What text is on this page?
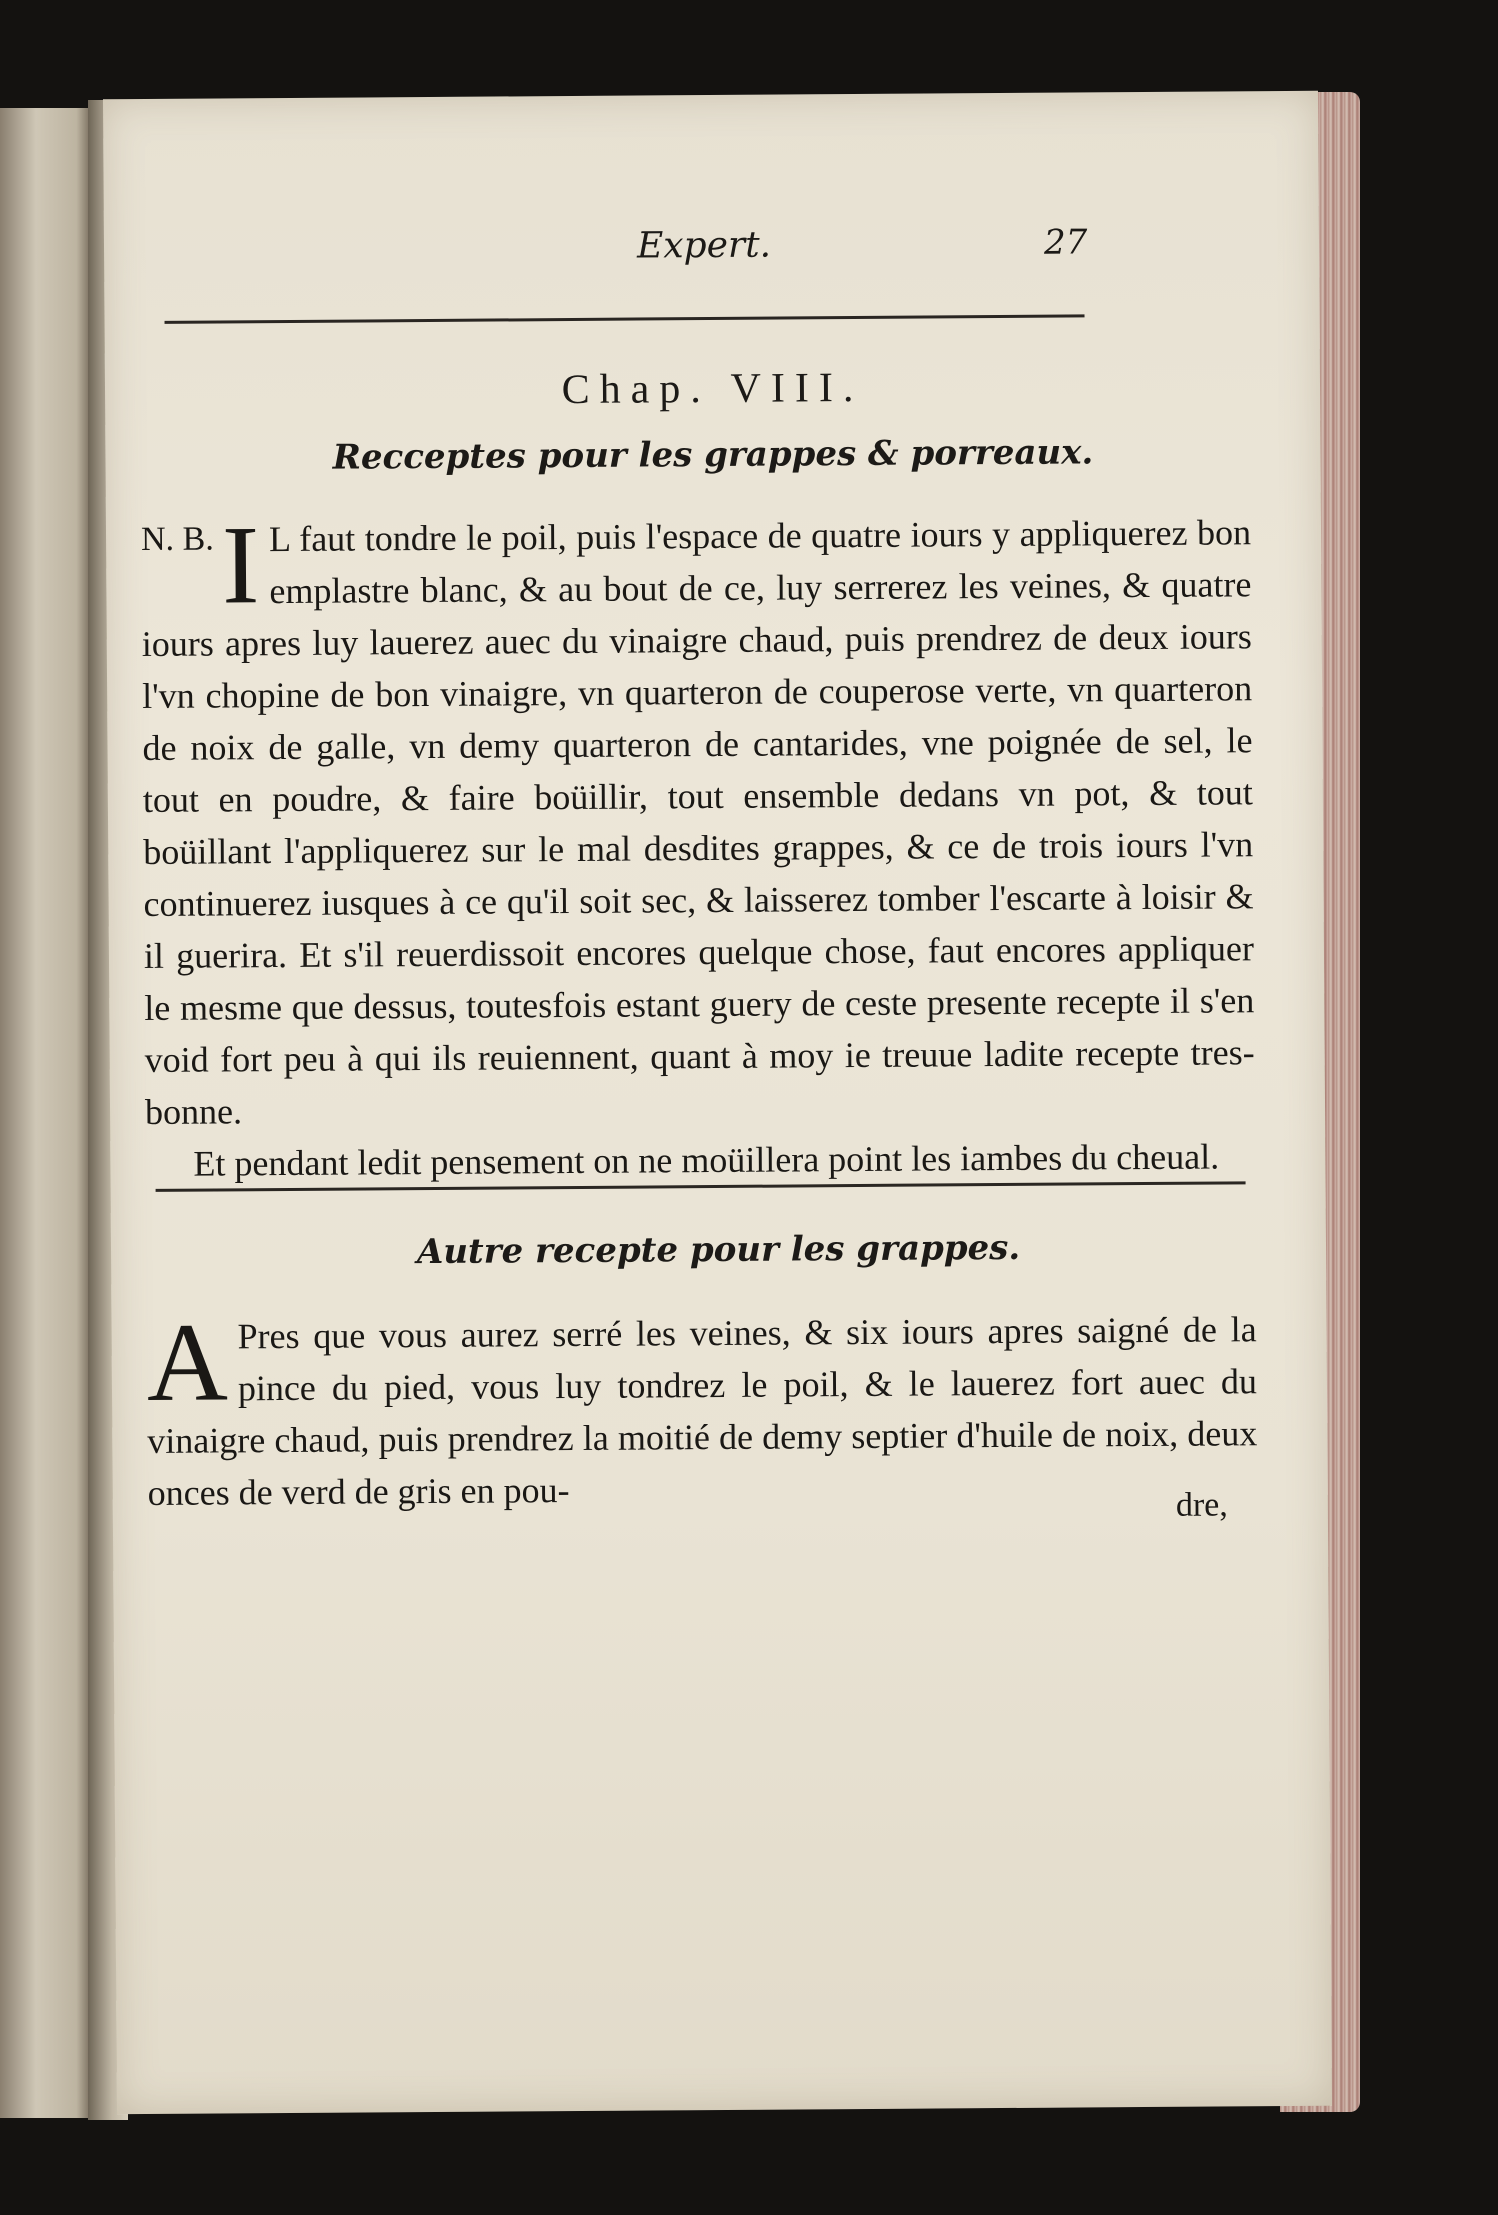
Expert.	27
Chap. VIII.
Recceptes pour les grappes & porreaux.
N. B. I L faut tondre le poil, puis l'espace de quatre iours y appliquerez bon emplastre blanc, & au bout de ce, luy serrerez les veines, & quatre iours apres luy lauerez auec du vinaigre chaud, puis prendrez de deux iours l'vn chopine de bon vinaigre, vn quarteron de couperose verte, vn quarteron de noix de galle, vn demy quarteron de cantarides, vne poignée de sel, le tout en poudre, & faire boüillir, tout ensemble dedans vn pot, & tout boüillant l'appliquerez sur le mal desdites grappes, & ce de trois iours l'vn continuerez iusques à ce qu'il soit sec, & laisserez tomber l'escarte à loisir & il guerira. Et s'il reuerdissoit encores quelque chose, faut encores appliquer le mesme que dessus, toutesfois estant guery de ceste presente recepte il s'en void fort peu à qui ils reuiennent, quant à moy ie treuue ladite recepte tres-bonne.

Et pendant ledit pensement on ne moüillera point les iambes du cheual.

Autre recepte pour les grappes.
A Pres que vous aurez serré les veines, & six iours apres saigné de la pince du pied, vous luy tondrez le poil, & le lauerez fort auec du vinaigre chaud, puis prendrez la moitié de demy septier d'huile de noix, deux onces de verd de gris en pou-	dre,
